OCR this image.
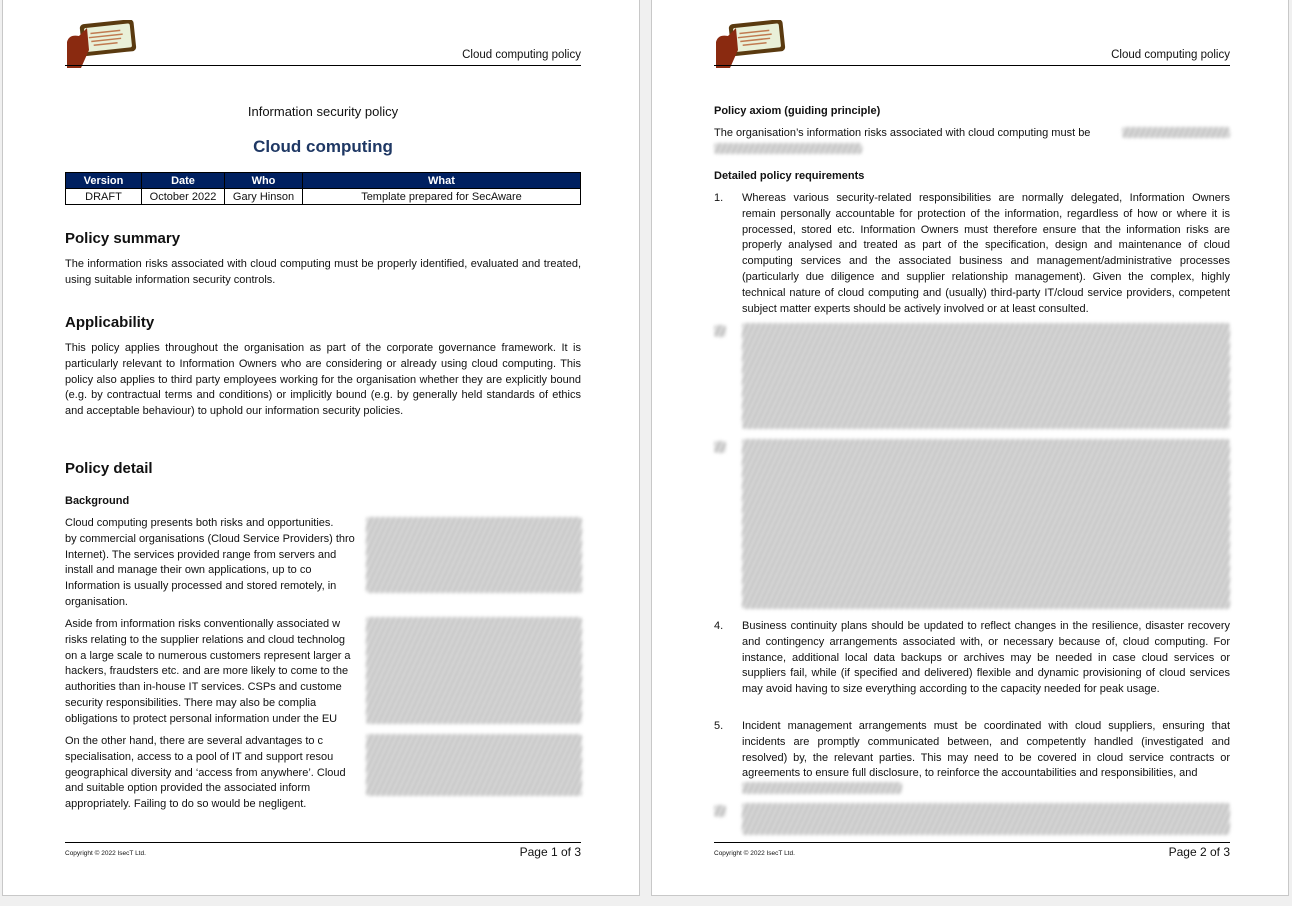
Cloud computing policy
Information security policy
Cloud computing
Version	Date	Who	What
DRAFT	October 2022	Gary Hinson	Template prepared for SecAware
Policy summary
The information risks associated with cloud computing must be properly identified, evaluated and treated, using suitable information security controls.
Applicability
This policy applies throughout the organisation as part of the corporate governance framework. It is particularly relevant to Information Owners who are considering or already using cloud computing. This policy also applies to third party employees working for the organisation whether they are explicitly bound (e.g. by contractual terms and conditions) or implicitly bound (e.g. by generally held standards of ethics and acceptable behaviour) to uphold our information security policies.
Policy detail
Background
Cloud computing presents both risks and opportunities.
by commercial organisations (Cloud Service Providers) thro
Internet). The services provided range from servers and
install and manage their own applications, up to co
Information is usually processed and stored remotely, in
organisation.
Aside from information risks conventionally associated w
risks relating to the supplier relations and cloud technolog
on a large scale to numerous customers represent larger a
hackers, fraudsters etc. and are more likely to come to the
authorities than in-house IT services. CSPs and custome
security responsibilities. There may also be complia
obligations to protect personal information under the EU
On the other hand, there are several advantages to c
specialisation, access to a pool of IT and support resou
geographical diversity and ‘access from anywhere’. Cloud
and suitable option provided the associated inform
appropriately. Failing to do so would be negligent.
Copyright © 2022 IsecT Ltd.	Page 1 of 3
Cloud computing policy
Policy axiom (guiding principle)
The organisation’s information risks associated with cloud computing must be
Detailed policy requirements
1. Whereas various security-related responsibilities are normally delegated, Information Owners remain personally accountable for protection of the information, regardless of how or where it is processed, stored etc. Information Owners must therefore ensure that the information risks are properly analysed and treated as part of the specification, design and maintenance of cloud computing services and the associated business and management/administrative processes (particularly due diligence and supplier relationship management). Given the complex, highly technical nature of cloud computing and (usually) third-party IT/cloud service providers, competent subject matter experts should be actively involved or at least consulted.
4. Business continuity plans should be updated to reflect changes in the resilience, disaster recovery and contingency arrangements associated with, or necessary because of, cloud computing. For instance, additional local data backups or archives may be needed in case cloud services or suppliers fail, while (if specified and delivered) flexible and dynamic provisioning of cloud services may avoid having to size everything according to the capacity needed for peak usage.
5. Incident management arrangements must be coordinated with cloud suppliers, ensuring that incidents are promptly communicated between, and competently handled (investigated and resolved) by, the relevant parties. This may need to be covered in cloud service contracts or agreements to ensure full disclosure, to reinforce the accountabilities and responsibilities, and
Copyright © 2022 IsecT Ltd.	Page 2 of 3
